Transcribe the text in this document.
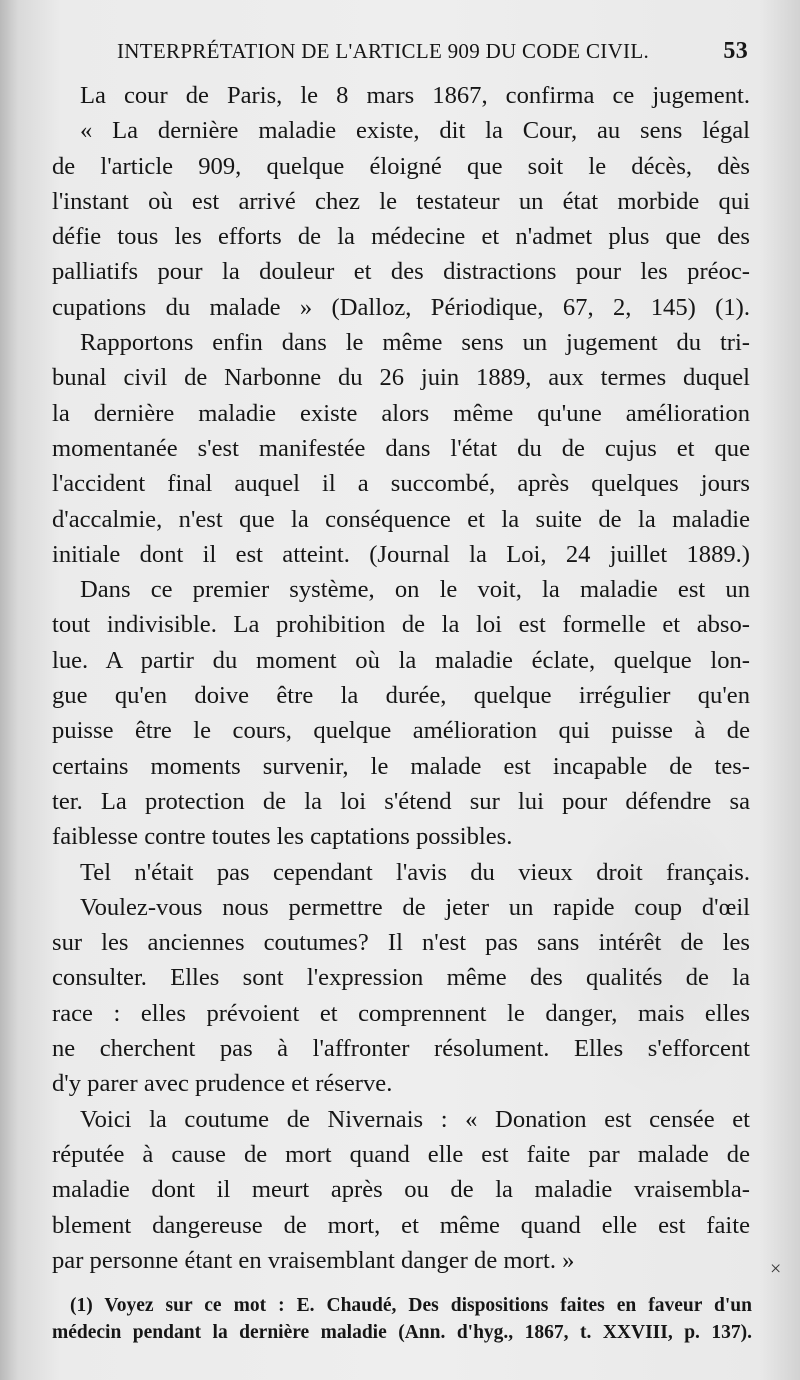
INTERPRÉTATION DE L'ARTICLE 909 DU CODE CIVIL.	53
La cour de Paris, le 8 mars 1867, confirma ce jugement.
« La dernière maladie existe, dit la Cour, au sens légal
de l'article 909, quelque éloigné que soit le décès, dès
l'instant où est arrivé chez le testateur un état morbide qui
défie tous les efforts de la médecine et n'admet plus que des
palliatifs pour la douleur et des distractions pour les préoc-
cupations du malade » (Dalloz, Périodique, 67, 2, 145) (1).
Rapportons enfin dans le même sens un jugement du tri-
bunal civil de Narbonne du 26 juin 1889, aux termes duquel
la dernière maladie existe alors même qu'une amélioration
momentanée s'est manifestée dans l'état du de cujus et que
l'accident final auquel il a succombé, après quelques jours
d'accalmie, n'est que la conséquence et la suite de la maladie
initiale dont il est atteint. (Journal la Loi, 24 juillet 1889.)
Dans ce premier système, on le voit, la maladie est un
tout indivisible. La prohibition de la loi est formelle et abso-
lue. A partir du moment où la maladie éclate, quelque lon-
gue qu'en doive être la durée, quelque irrégulier qu'en
puisse être le cours, quelque amélioration qui puisse à de
certains moments survenir, le malade est incapable de tes-
ter. La protection de la loi s'étend sur lui pour défendre sa
faiblesse contre toutes les captations possibles.
Tel n'était pas cependant l'avis du vieux droit français.
Voulez-vous nous permettre de jeter un rapide coup d'œil
sur les anciennes coutumes? Il n'est pas sans intérêt de les
consulter. Elles sont l'expression même des qualités de la
race : elles prévoient et comprennent le danger, mais elles
ne cherchent pas à l'affronter résolument. Elles s'efforcent
d'y parer avec prudence et réserve.
Voici la coutume de Nivernais : « Donation est censée et
réputée à cause de mort quand elle est faite par malade de
maladie dont il meurt après ou de la maladie vraisembla-
blement dangereuse de mort, et même quand elle est faite
par personne étant en vraisemblant danger de mort. »	×
(1) Voyez sur ce mot : E. Chaudé, Des dispositions faites en faveur d'un
médecin pendant la dernière maladie (Ann. d'hyg., 1867, t. XXVIII, p. 137).
